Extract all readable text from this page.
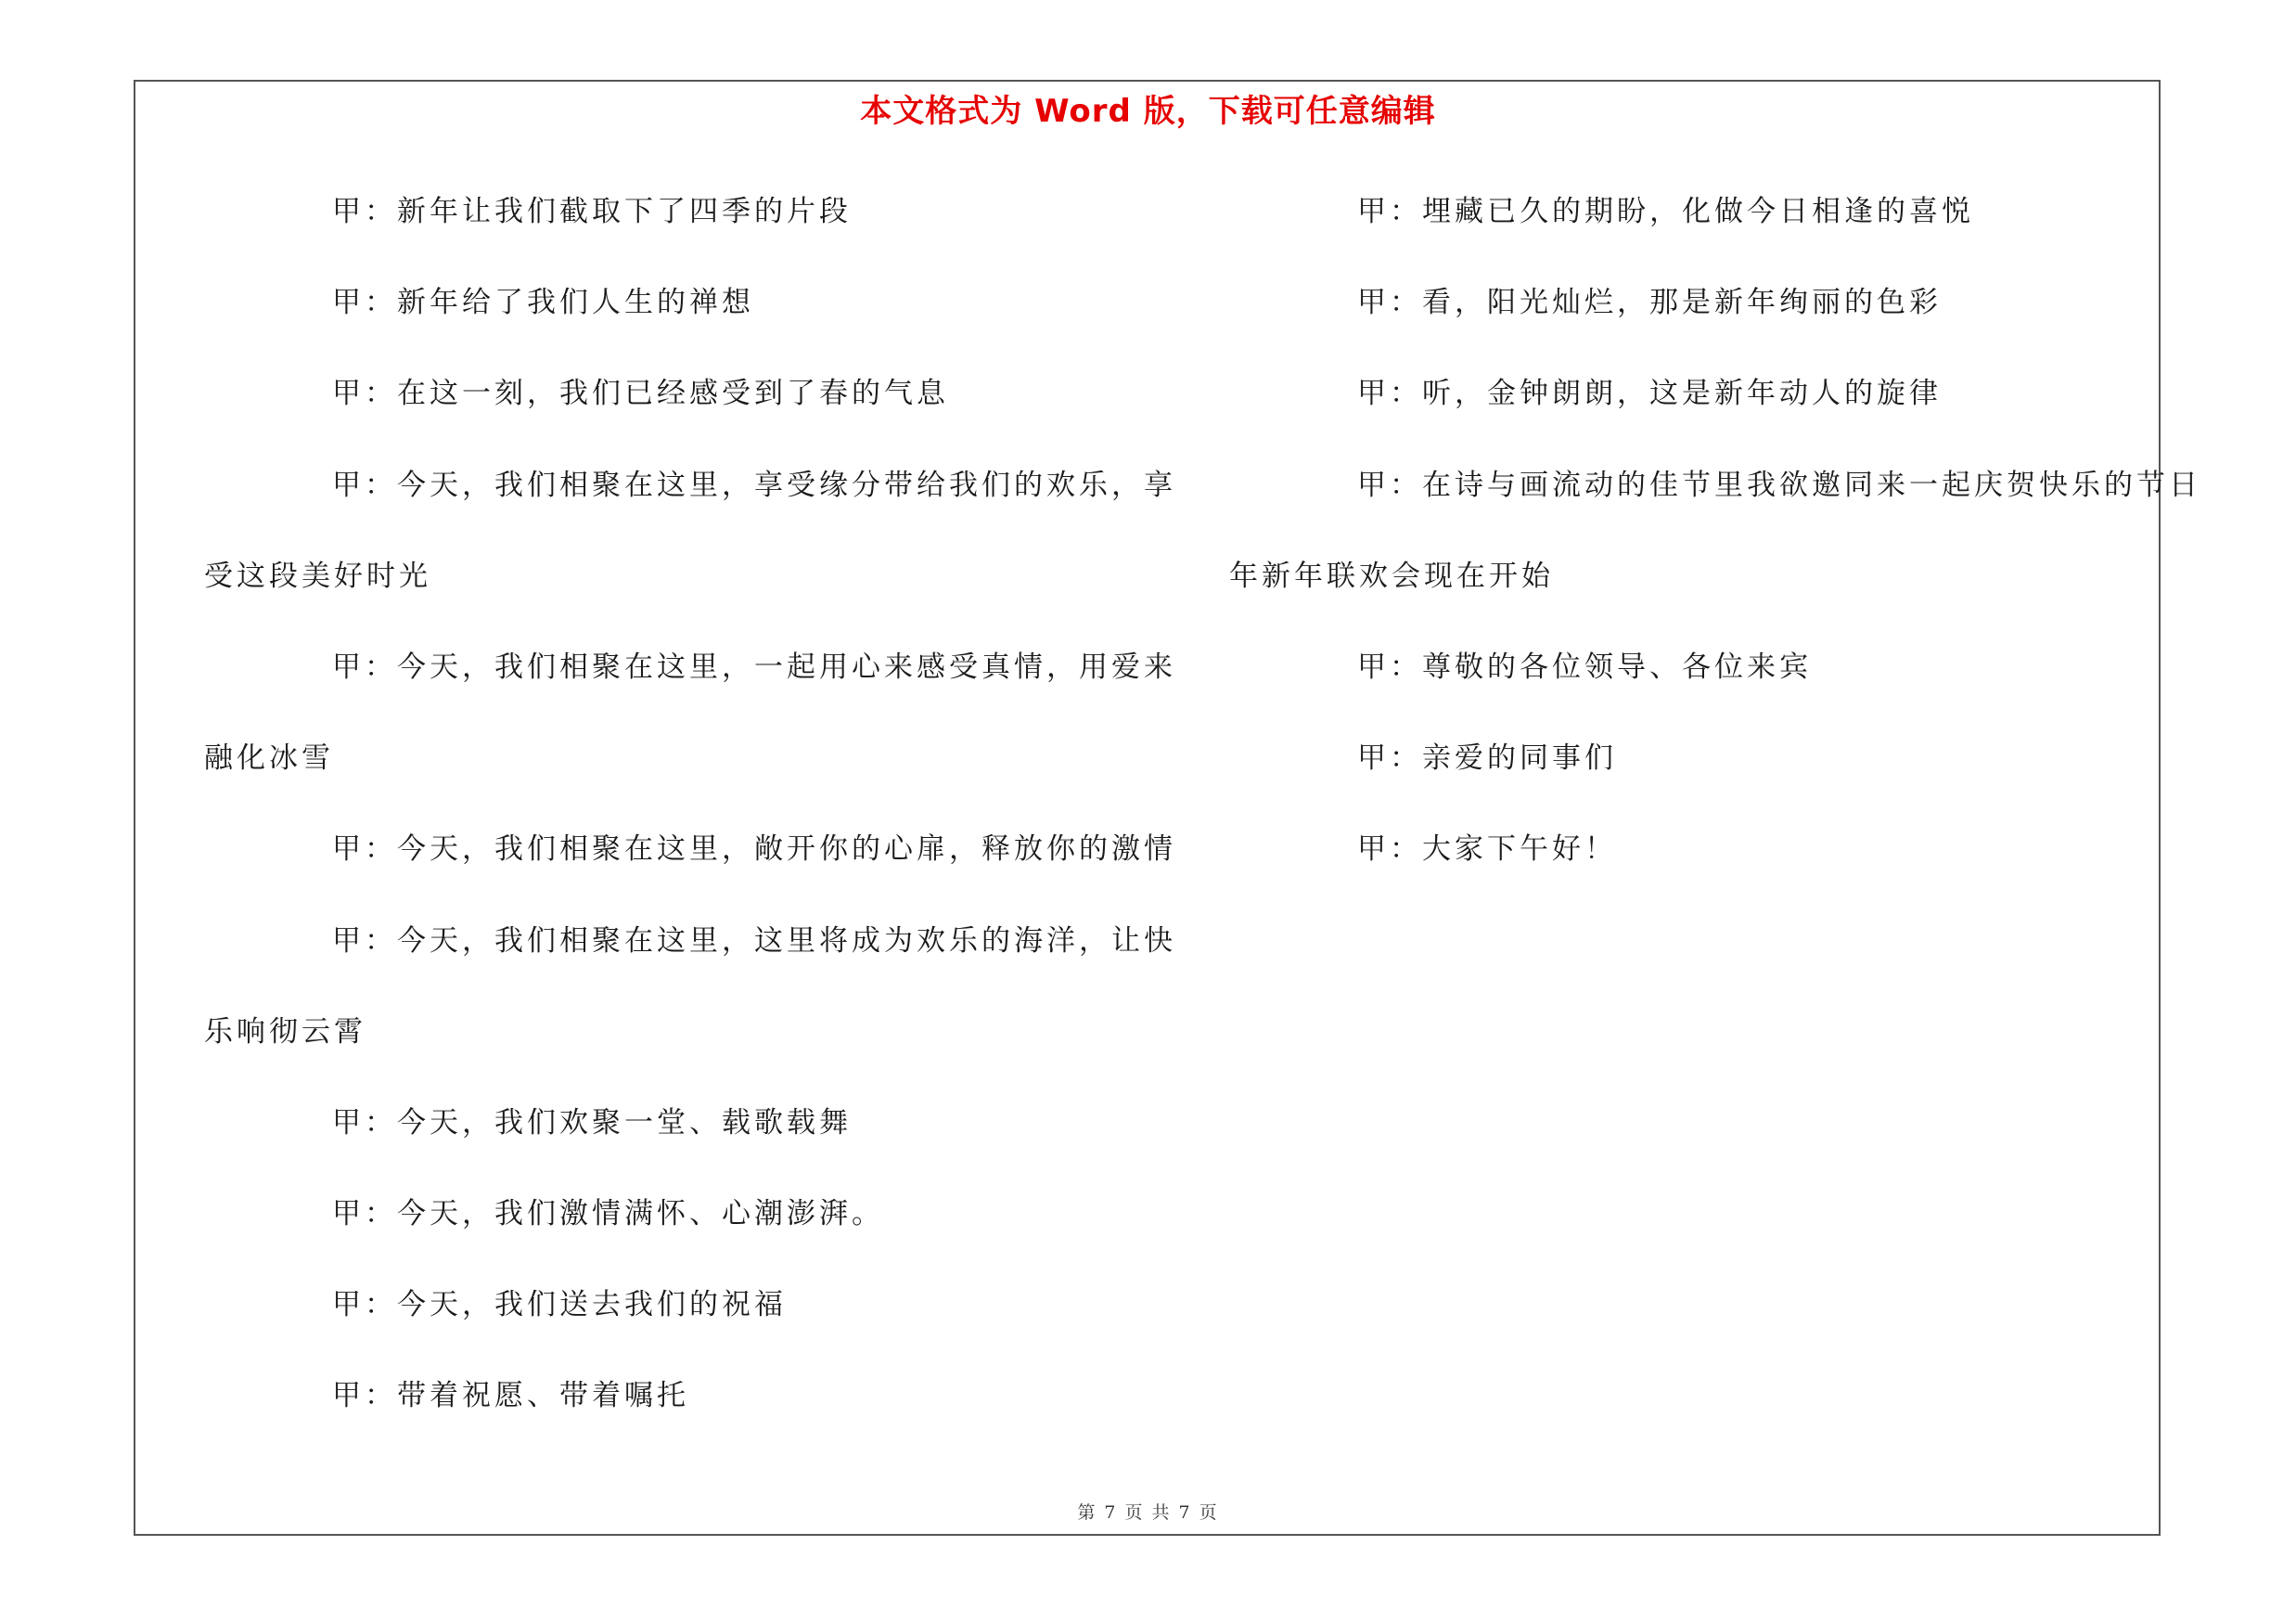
本文格式为 Word 版，下载可任意编辑
甲：新年让我们截取下了四季的片段
甲：新年给了我们人生的禅想
甲：在这一刻，我们已经感受到了春的气息
甲：今天，我们相聚在这里，享受缘分带给我们的欢乐，享
受这段美好时光
甲：今天，我们相聚在这里，一起用心来感受真情，用爱来
融化冰雪
甲：今天，我们相聚在这里，敞开你的心扉，释放你的激情
甲：今天，我们相聚在这里，这里将成为欢乐的海洋，让快
乐响彻云霄
甲：今天，我们欢聚一堂、载歌载舞
甲：今天，我们激情满怀、心潮澎湃。
甲：今天，我们送去我们的祝福
甲：带着祝愿、带着嘱托
甲：埋藏已久的期盼，化做今日相逢的喜悦
甲：看，阳光灿烂，那是新年绚丽的色彩
甲：听，金钟朗朗，这是新年动人的旋律
甲：在诗与画流动的佳节里我欲邀同来一起庆贺快乐的节日
年新年联欢会现在开始
甲：尊敬的各位领导、各位来宾
甲：亲爱的同事们
甲：大家下午好！
第 7 页 共 7 页
